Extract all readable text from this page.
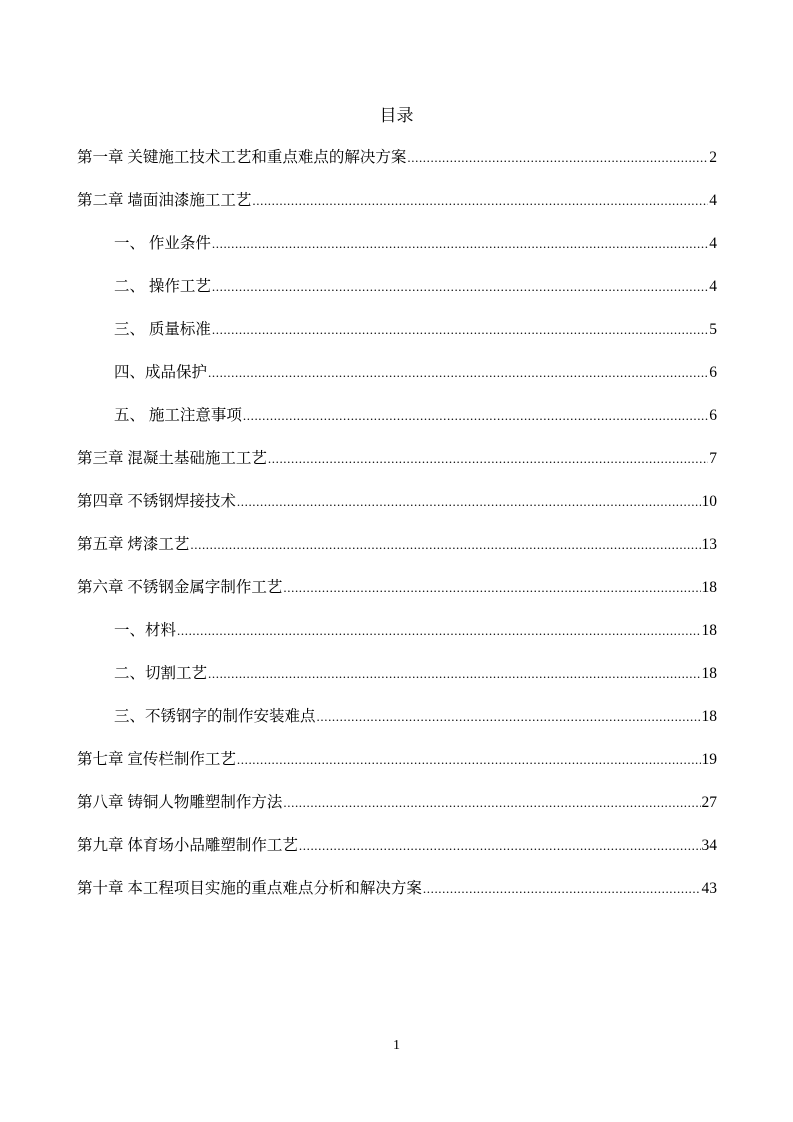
目录
第一章 关键施工技术工艺和重点难点的解决方案 .....	2
第二章 墙面油漆施工工艺 .....	4
一、 作业条件 .....	4
二、 操作工艺 .....	4
三、 质量标准 .....	5
四、成品保护 .....	6
五、 施工注意事项 .....	6
第三章 混凝土基础施工工艺 .....	7
第四章 不锈钢焊接技术 .....	10
第五章 烤漆工艺 .....	13
第六章 不锈钢金属字制作工艺 .....	18
一、材料 .....	18
二、切割工艺 .....	18
三、不锈钢字的制作安装难点 .....	18
第七章 宣传栏制作工艺 .....	19
第八章 铸铜人物雕塑制作方法 .....	27
第九章 体育场小品雕塑制作工艺 .....	34
第十章 本工程项目实施的重点难点分析和解决方案 .....	43
1
